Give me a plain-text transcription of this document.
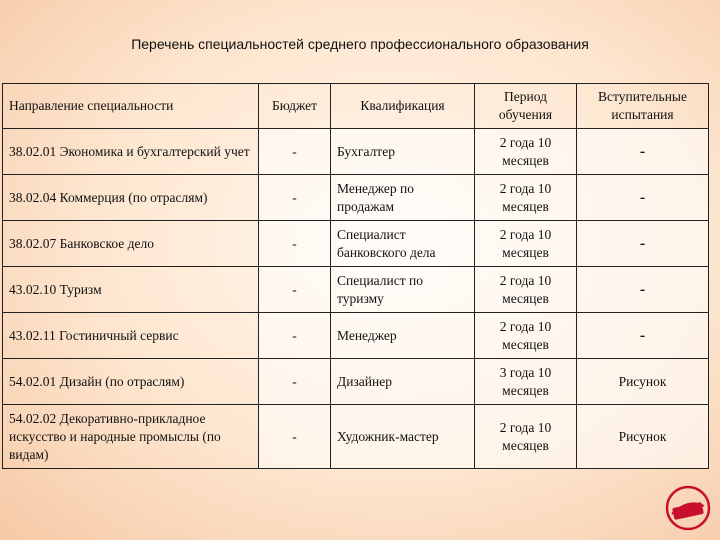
Перечень специальностей среднего профессионального образования
Направление специальности	Бюджет	Квалификация	Период обучения	Вступительные испытания
38.02.01 Экономика и бухгалтерский учет	-	Бухгалтер	2 года 10 месяцев	-
38.02.04 Коммерция (по отраслям)	-	Менеджер по продажам	2 года 10 месяцев	-
38.02.07 Банковское дело	-	Специалист банковского дела	2 года 10 месяцев	-
43.02.10 Туризм	-	Специалист по туризму	2 года 10 месяцев	-
43.02.11 Гостиничный сервис	-	Менеджер	2 года 10 месяцев	-
54.02.01 Дизайн (по отраслям)	-	Дизайнер	3 года 10 месяцев	Рисунок
54.02.02 Декоративно-прикладное искусство и народные промыслы (по видам)	-	Художник-мастер	2 года 10 месяцев	Рисунок
